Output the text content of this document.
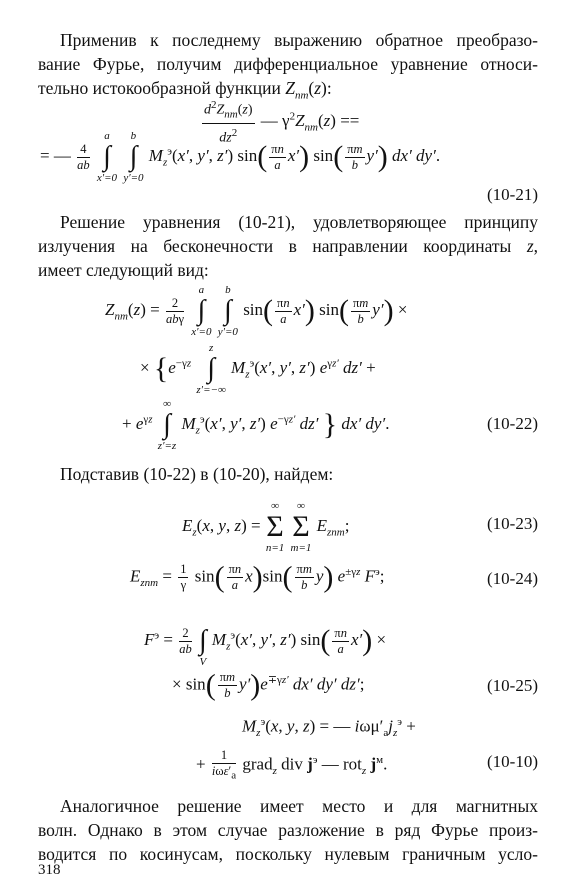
Применив к последнему выражению обратное преобразо-
вание Фурье, получим дифференциальное уравнение относи-
тельно истокообразной функции $Z_{nm}(z)$:
$\frac{d^2Z_{nm}(z)}{dz^2}$ — $\gamma^2Z_{nm}(z)$ ==
= — $\frac{4}{ab}$

a
∫
x′=0

b
∫
y′=0
$M_z^э(x'$, y′, z′) $\sin( \frac{\pi n}{a} x')$ $\sin( \frac{\pi m}{b} y')$ dx′ dy′.
(10-21)
Решение уравнения (10-21), удовлетворяющее принципу
излучения на бесконечности в направлении координаты z,
имеет следующий вид:
$Z_{nm}(z) = \frac{2}{\text{abγ}}$

a
∫
x′=0

b
∫
y′=0
$\sin( \frac{\pi n}{a} x')$ $\sin( \frac{\pi m}{b} y')$ ×
× {$e^{-\gamma z}$
z
∫
z′=−∞
$M_z^э(x'$, y′, z′) $e^{\gamma z'}$ dz′ +
+ $e^{\gamma z}$
∞
∫
z′=z
$M_z^э(x'$, y′, z′) $e^{-\gamma z'}$ dz′ } dx′ dy′.	(10-22)
Подставив (10-22) в (10-20), найдем:
$E_z(x$, y, z) =
∞
Σ
n=1

∞
Σ
m=1
$E_{znm}$;	(10-23)
$E_{znm} = \frac{1}{\gamma} \sin( \frac{\pi n}{a} x)\sin( \frac{\pi m}{b} y)$ $e^{\pm\gamma z}$ $F^э$;	(10-24)
$F^э = \frac{2}{ab}$

∫
V
$M_z^э(x'$, y′, z′) $\sin( \frac{\pi n}{a} x')$ ×
× $\sin( \frac{\pi m}{b} y')e^{\mp\gamma z'}$ dx′ dy′ dz′;	(10-25)
$M_z^э(x$, y, z) = — $i\omega\mu'_аj_z^э$ +
+ $\frac{1}{i\omega\varepsilon'_а}$ grad$_z$ div $j^э$ — rot$_z$ $j^м$.	(10-10)
Аналогичное решение имеет место и для магнитных
волн. Однако в этом случае разложение в ряд Фурье произ-
водится по косинусам, поскольку нулевым граничным усло-
318
